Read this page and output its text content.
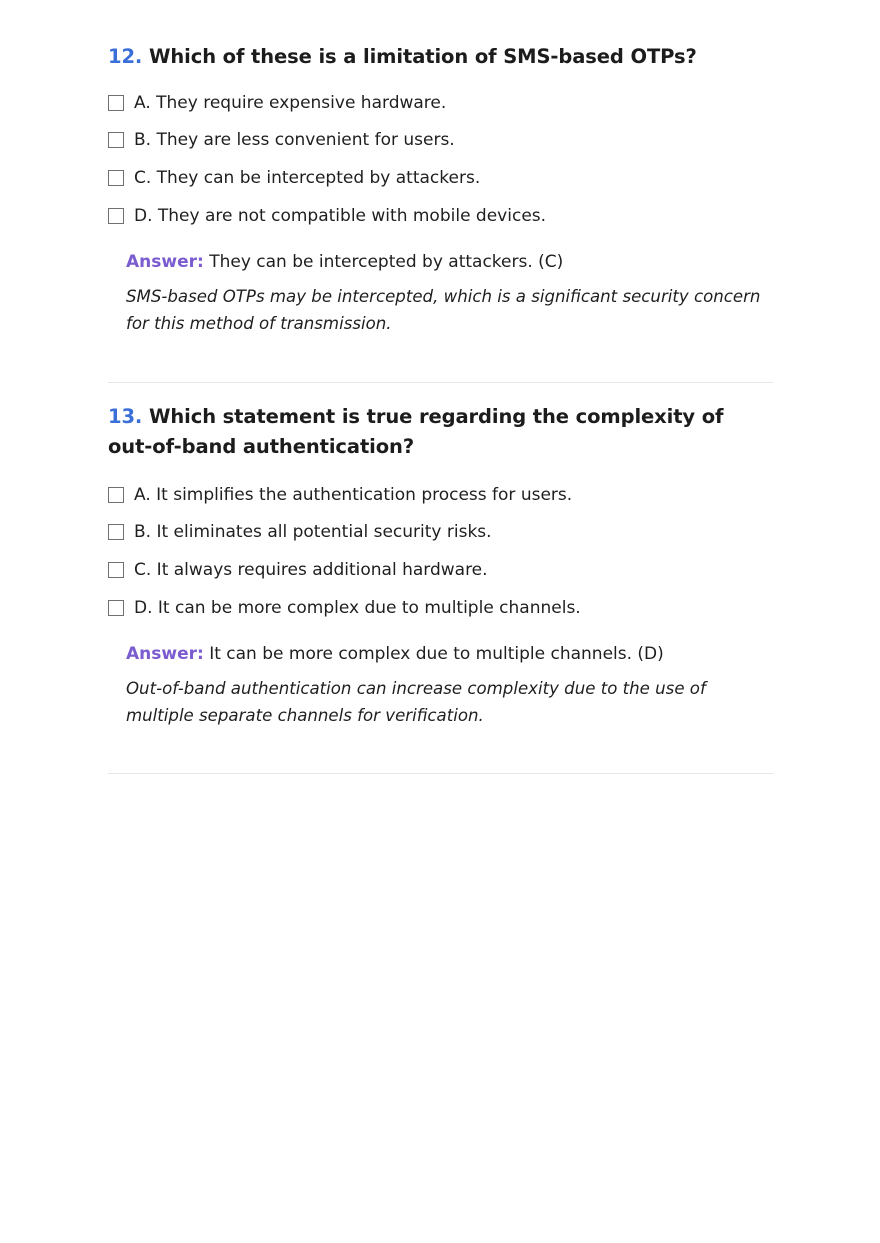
12. Which of these is a limitation of SMS-based OTPs?

A. They require expensive hardware.
B. They are less convenient for users.
C. They can be intercepted by attackers.
D. They are not compatible with mobile devices.
Answer: They can be intercepted by attackers. (C)
SMS-based OTPs may be intercepted, which is a significant security concern for this method of transmission.

13. Which statement is true regarding the complexity of out-of-band authentication?

A. It simplifies the authentication process for users.
B. It eliminates all potential security risks.
C. It always requires additional hardware.
D. It can be more complex due to multiple channels.
Answer: It can be more complex due to multiple channels. (D)
Out-of-band authentication can increase complexity due to the use of multiple separate channels for verification.
